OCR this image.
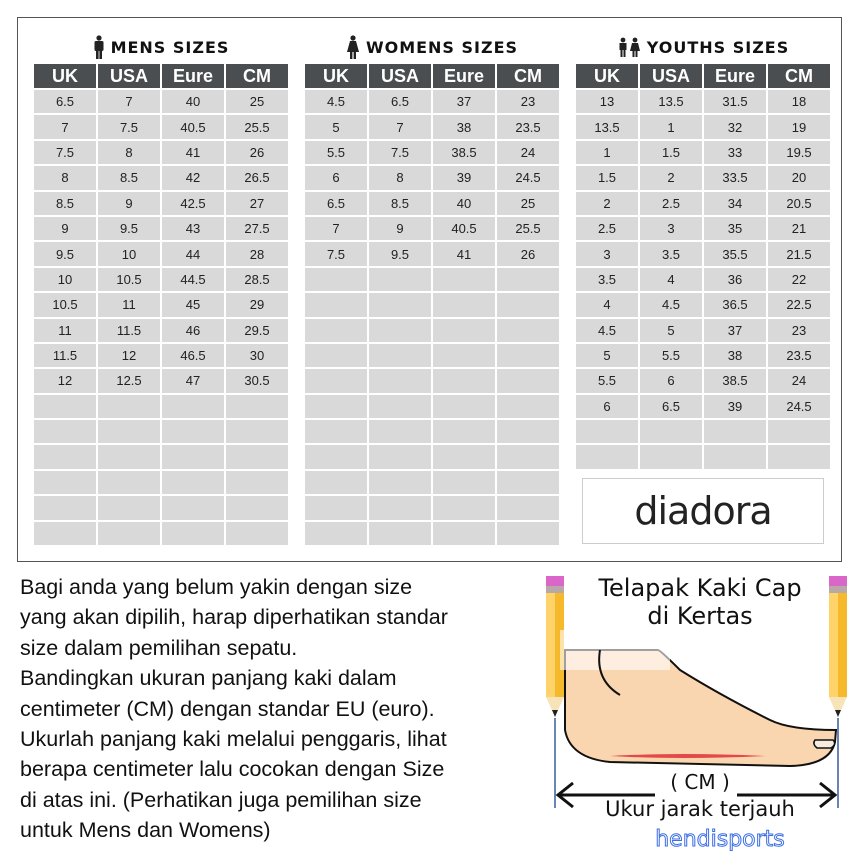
MENS SIZES
UK	USA	Eure	CM
6.5	7	40	25
7	7.5	40.5	25.5
7.5	8	41	26
8	8.5	42	26.5
8.5	9	42.5	27
9	9.5	43	27.5
9.5	10	44	28
10	10.5	44.5	28.5
10.5	11	45	29
11	11.5	46	29.5
11.5	12	46.5	30
12	12.5	47	30.5

WOMENS SIZES
UK	USA	Eure	CM
4.5	6.5	37	23
5	7	38	23.5
5.5	7.5	38.5	24
6	8	39	24.5
6.5	8.5	40	25
7	9	40.5	25.5
7.5	9.5	41	26

YOUTHS SIZES
UK	USA	Eure	CM
13	13.5	31.5	18
13.5	1	32	19
1	1.5	33	19.5
1.5	2	33.5	20
2	2.5	34	20.5
2.5	3	35	21
3	3.5	35.5	21.5
3.5	4	36	22
4	4.5	36.5	22.5
4.5	5	37	23
5	5.5	38	23.5
5.5	6	38.5	24
6	6.5	39	24.5

diadora

Bagi anda yang belum yakin dengan size

yang akan dipilih, harap diperhatikan standar

size dalam pemilihan sepatu.

Bandingkan ukuran panjang kaki dalam

centimeter (CM) dengan standar EU (euro).

Ukurlah panjang kaki melalui penggaris, lihat

berapa centimeter lalu cocokan dengan Size

di atas ini. (Perhatikan juga pemilihan size

untuk Mens dan Womens)

Telapak Kaki Cap
di Kertas
( CM )
Ukur jarak terjauh
hendisports
